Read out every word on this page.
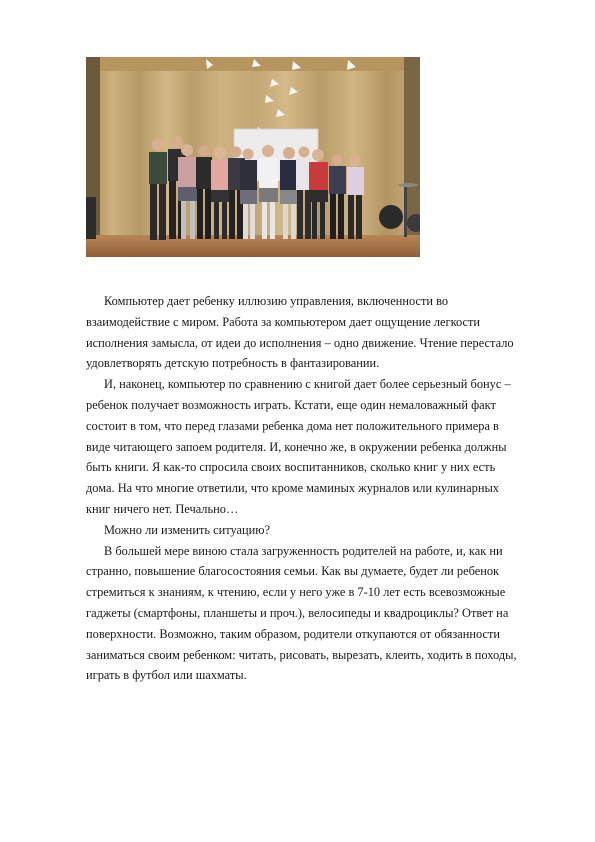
Компьютер дает ребенку иллюзию управления, включенности во взаимодействие с миром. Работа за компьютером дает ощущение легкости исполнения замысла, от идеи до исполнения – одно движение. Чтение перестало удовлетворять детскую потребность в фантазировании.

И, наконец, компьютер по сравнению с книгой дает более серьезный бонус – ребенок получает возможность играть. Кстати, еще один немаловажный факт состоит в том, что перед глазами ребенка дома нет положительного примера в виде читающего запоем родителя. И, конечно же, в окружении ребенка должны быть книги. Я как-то спросила своих воспитанников, сколько книг у них есть дома. На что многие ответили, что кроме маминых журналов или кулинарных книг ничего нет. Печально…

Можно ли изменить ситуацию?

В большей мере виною стала загруженность родителей на работе, и, как ни странно, повышение благосостояния семьи. Как вы думаете, будет ли ребенок стремиться к знаниям, к чтению, если у него уже в 7-10 лет есть всевозможные гаджеты (смартфоны, планшеты и проч.), велосипеды и квадроциклы? Ответ на поверхности. Возможно, таким образом, родители откупаются от обязанности заниматься своим ребенком: читать, рисовать, вырезать, клеить, ходить в походы, играть в футбол или шахматы.
